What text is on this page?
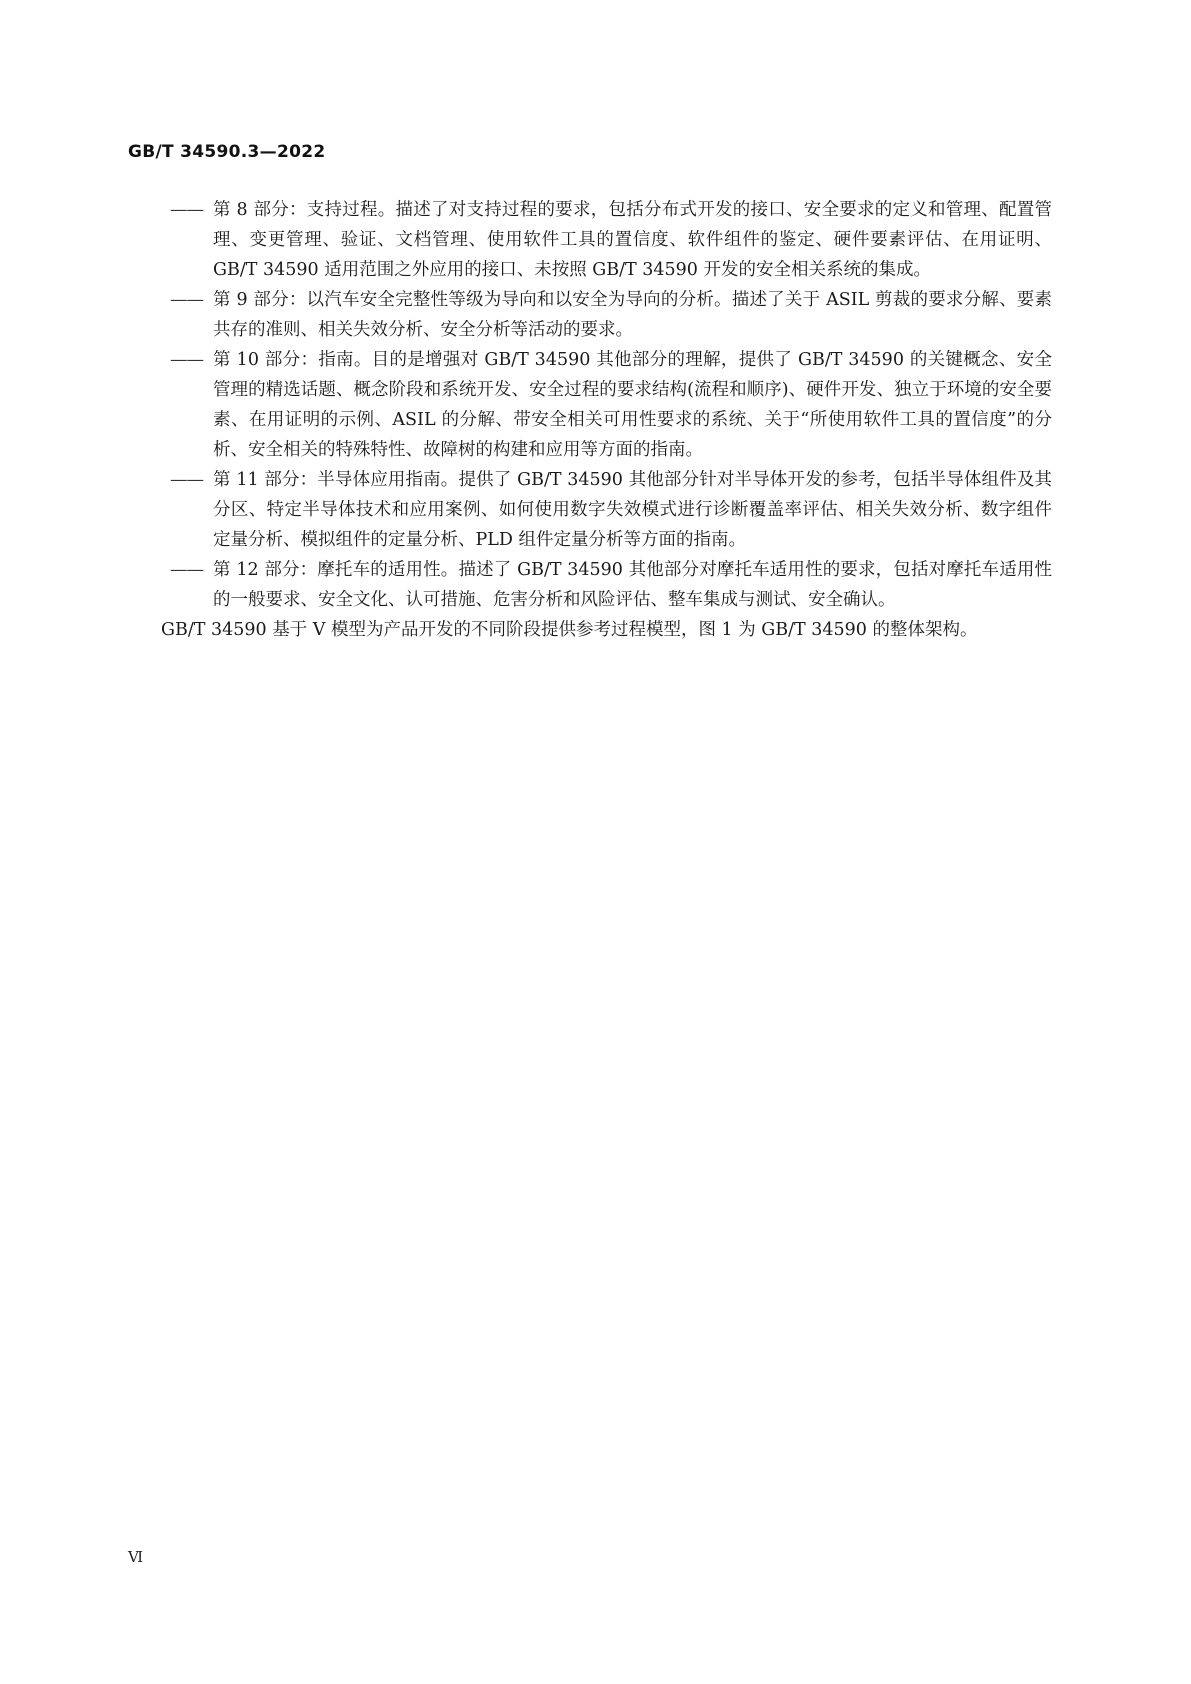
GB/T 34590.3—2022

—— 第 8 部分：支持过程。描述了对支持过程的要求，包括分布式开发的接口、安全要求的定义和管理、配置管理、变更管理、验证、文档管理、使用软件工具的置信度、软件组件的鉴定、硬件要素评估、在用证明、GB/T 34590 适用范围之外应用的接口、未按照 GB/T 34590 开发的安全相关系统的集成。

—— 第 9 部分：以汽车安全完整性等级为导向和以安全为导向的分析。描述了关于 ASIL 剪裁的要求分解、要素共存的准则、相关失效分析、安全分析等活动的要求。

—— 第 10 部分：指南。目的是增强对 GB/T 34590 其他部分的理解，提供了 GB/T 34590 的关键概念、安全管理的精选话题、概念阶段和系统开发、安全过程的要求结构(流程和顺序)、硬件开发、独立于环境的安全要素、在用证明的示例、ASIL 的分解、带安全相关可用性要求的系统、关于“所使用软件工具的置信度”的分析、安全相关的特殊特性、故障树的构建和应用等方面的指南。

—— 第 11 部分：半导体应用指南。提供了 GB/T 34590 其他部分针对半导体开发的参考，包括半导体组件及其分区、特定半导体技术和应用案例、如何使用数字失效模式进行诊断覆盖率评估、相关失效分析、数字组件定量分析、模拟组件的定量分析、PLD 组件定量分析等方面的指南。

—— 第 12 部分：摩托车的适用性。描述了 GB/T 34590 其他部分对摩托车适用性的要求，包括对摩托车适用性的一般要求、安全文化、认可措施、危害分析和风险评估、整车集成与测试、安全确认。

GB/T 34590 基于 V 模型为产品开发的不同阶段提供参考过程模型，图 1 为 GB/T 34590 的整体架构。

Ⅵ
